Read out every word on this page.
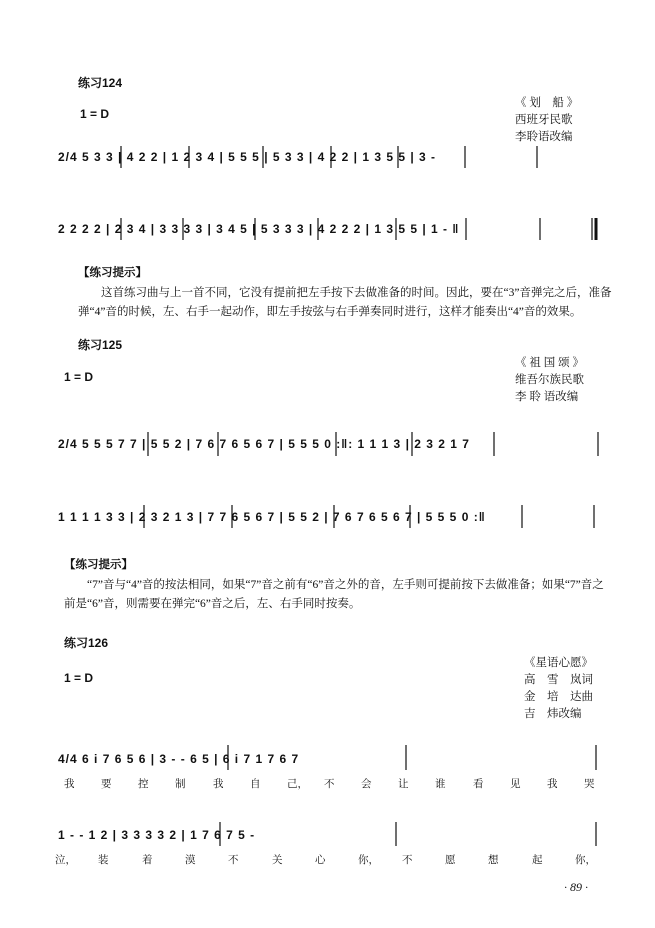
练习124
1 = D
《 划　船 》
西班牙民歌
李聆语改编
2/4 5 3 3 | 4 2 2 | 1 2 3 4 | 5 5 5 | 5 3 3 | 4 2 2 | 1 3 5 5 | 3 -
2 2 2 2 | 2 3 4 | 3 3 3 3 | 3 4 5 | 5 3 3 3 | 4 2 2 2 | 1 3 5 5 | 1 - ‖
【练习提示】
这首练习曲与上一首不同，它没有提前把左手按下去做准备的时间。因此，要在“3”音弹完之后，准备弹“4”音的时候，左、右手一起动作，即左手按弦与右手弹奏同时进行，这样才能奏出“4”音的效果。
练习125
1 = D
《 祖 国 颂 》
维吾尔族民歌
李 聆 语改编
2/4 5 5 5 7 7 | 5 5 2 | 7 6 7 6 5 6 7 | 5 5 5 0 :‖: 1 1 1 3 | 2 3 2 1 7
1 1 1 1 3 3 | 2 3 2 1 3 | 7 7 6 5 6 7 | 5 5 2 | 7 6 7 6 5 6 7 | 5 5 5 0 :‖
【练习提示】
“7”音与“4”音的按法相同，如果“7”音之前有“6”音之外的音，左手则可提前按下去做准备；如果“7”音之前是“6”音，则需要在弹完“6”音之后，左、右手同时按奏。
练习126
1 = D
《星语心愿》
高　雪　岚词
金　培　达曲
吉　炜改编
4/4 6 i 7 6 5 6 | 3 - - 6 5 | 6 i 7 1 7 6 7
我	要	控	制	我	自	己， 不	会	让	谁	看	见	我	哭
1 - - 1 2 | 3 3 3 3 2 | 1 7 6 7 5 -
泣， 装	着	漠	不	关	心	你， 不	愿	想	起	你，
· 89 ·
